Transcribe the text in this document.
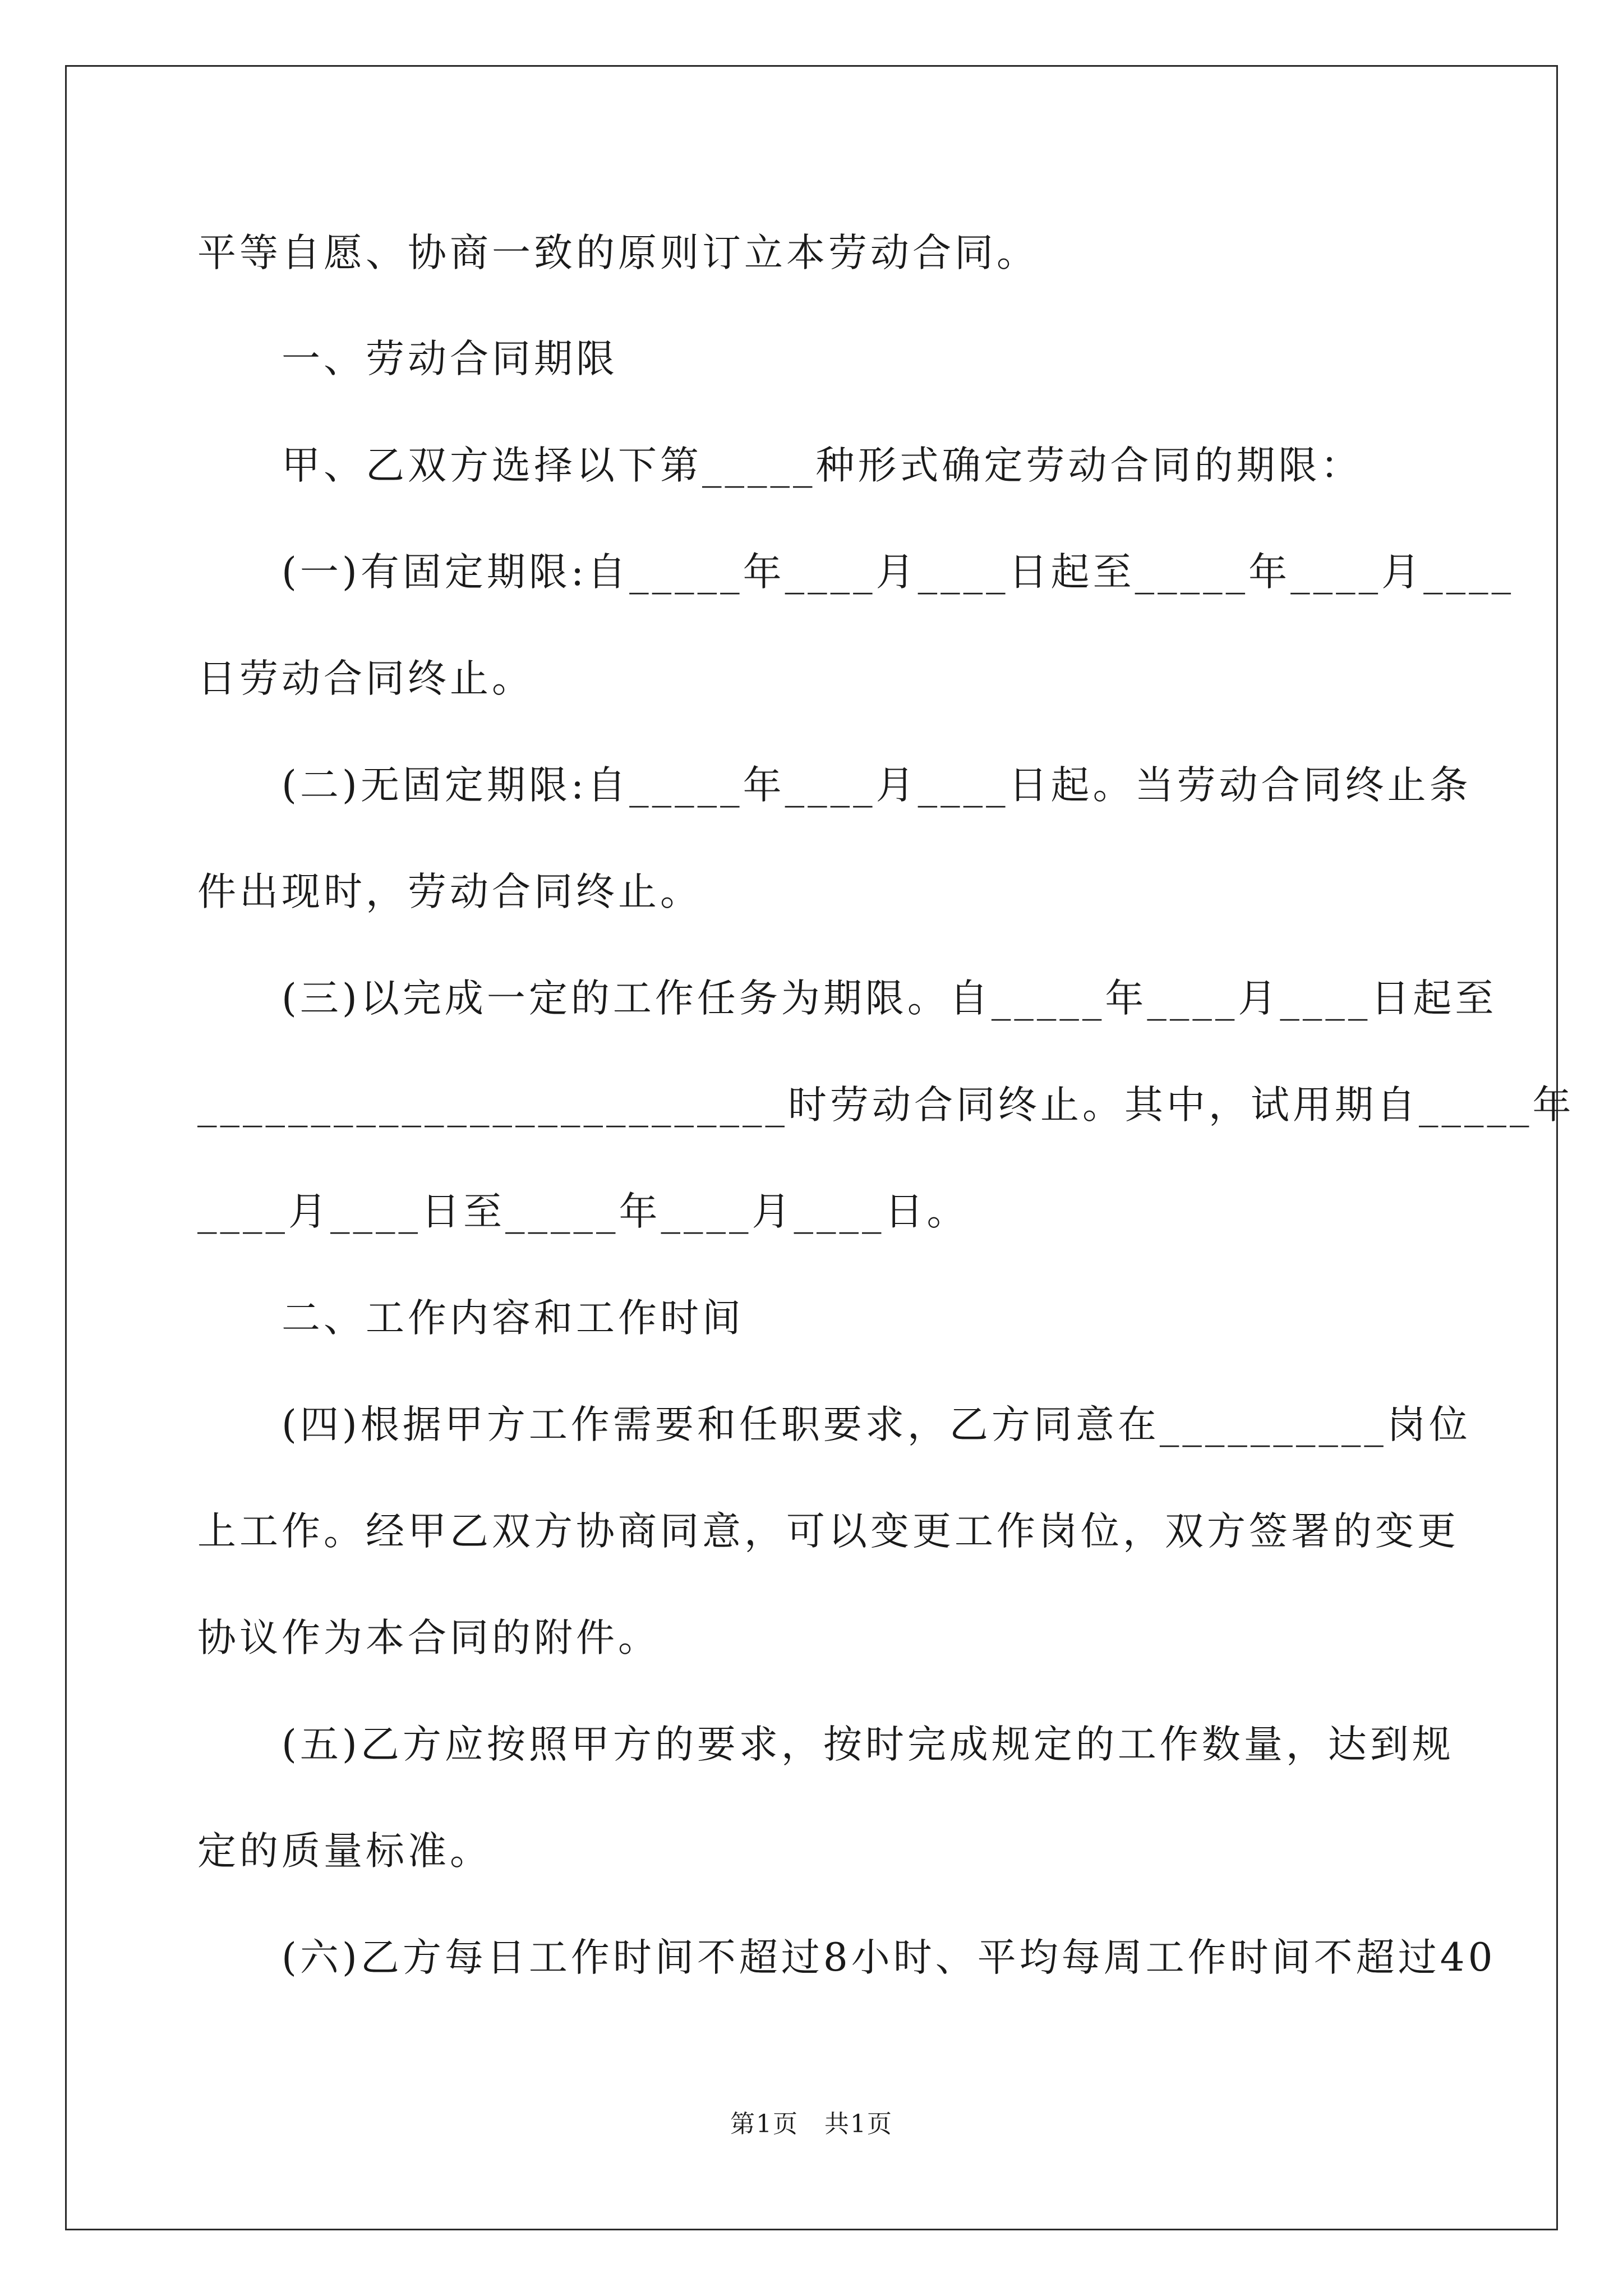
平等自愿、协商一致的原则订立本劳动合同。
一、劳动合同期限
甲、乙双方选择以下第_____种形式确定劳动合同的期限：
(一)有固定期限:自_____年____月____日起至_____年____月____
日劳动合同终止。
(二)无固定期限:自_____年____月____日起。当劳动合同终止条
件出现时，劳动合同终止。
(三)以完成一定的工作任务为期限。自_____年____月____日起至
__________________________时劳动合同终止。其中，试用期自_____年
____月____日至_____年____月____日。
二、工作内容和工作时间
(四)根据甲方工作需要和任职要求，乙方同意在__________岗位
上工作。经甲乙双方协商同意，可以变更工作岗位，双方签署的变更
协议作为本合同的附件。
(五)乙方应按照甲方的要求，按时完成规定的工作数量，达到规
定的质量标准。
(六)乙方每日工作时间不超过8小时、平均每周工作时间不超过40
第1页　共1页
